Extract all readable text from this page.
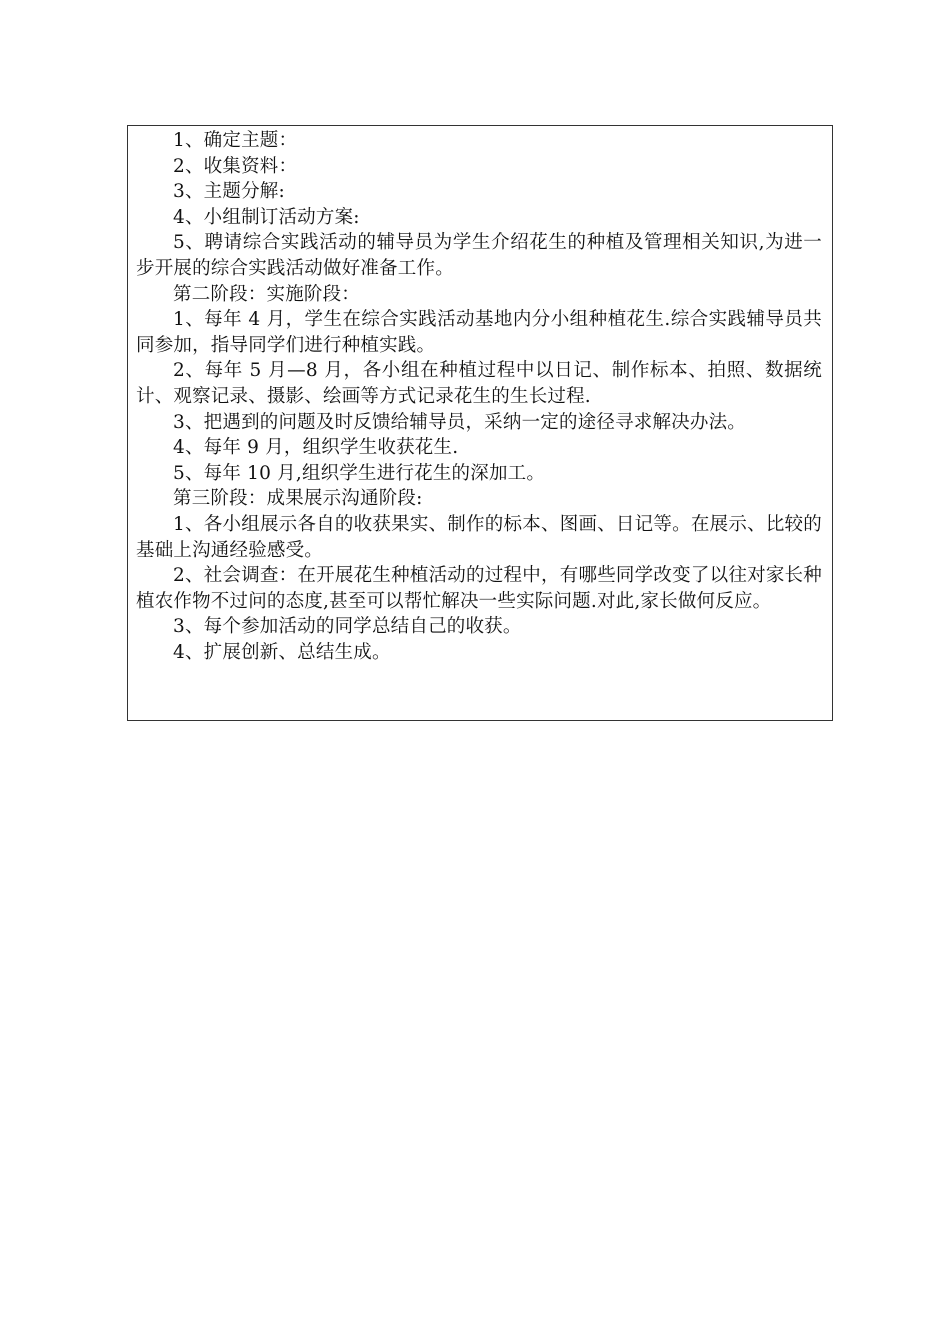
1、确定主题：

2、收集资料：

3、主题分解:

4、小组制订活动方案:

5、聘请综合实践活动的辅导员为学生介绍花生的种植及管理相关知识,为进一步开展的综合实践活动做好准备工作。

第二阶段：实施阶段：

1、每年 4 月，学生在综合实践活动基地内分小组种植花生.综合实践辅导员共同参加，指导同学们进行种植实践。

2、每年 5 月—8 月，各小组在种植过程中以日记、制作标本、拍照、数据统计、观察记录、摄影、绘画等方式记录花生的生长过程.

3、把遇到的问题及时反馈给辅导员，采纳一定的途径寻求解决办法。

4、每年 9 月，组织学生收获花生.

5、每年 10 月,组织学生进行花生的深加工。

第三阶段：成果展示沟通阶段:

1、各小组展示各自的收获果实、制作的标本、图画、日记等。在展示、比较的基础上沟通经验感受。

2、社会调查：在开展花生种植活动的过程中，有哪些同学改变了以往对家长种植农作物不过问的态度,甚至可以帮忙解决一些实际问题.对此,家长做何反应。

3、每个参加活动的同学总结自己的收获。

4、扩展创新、总结生成。
